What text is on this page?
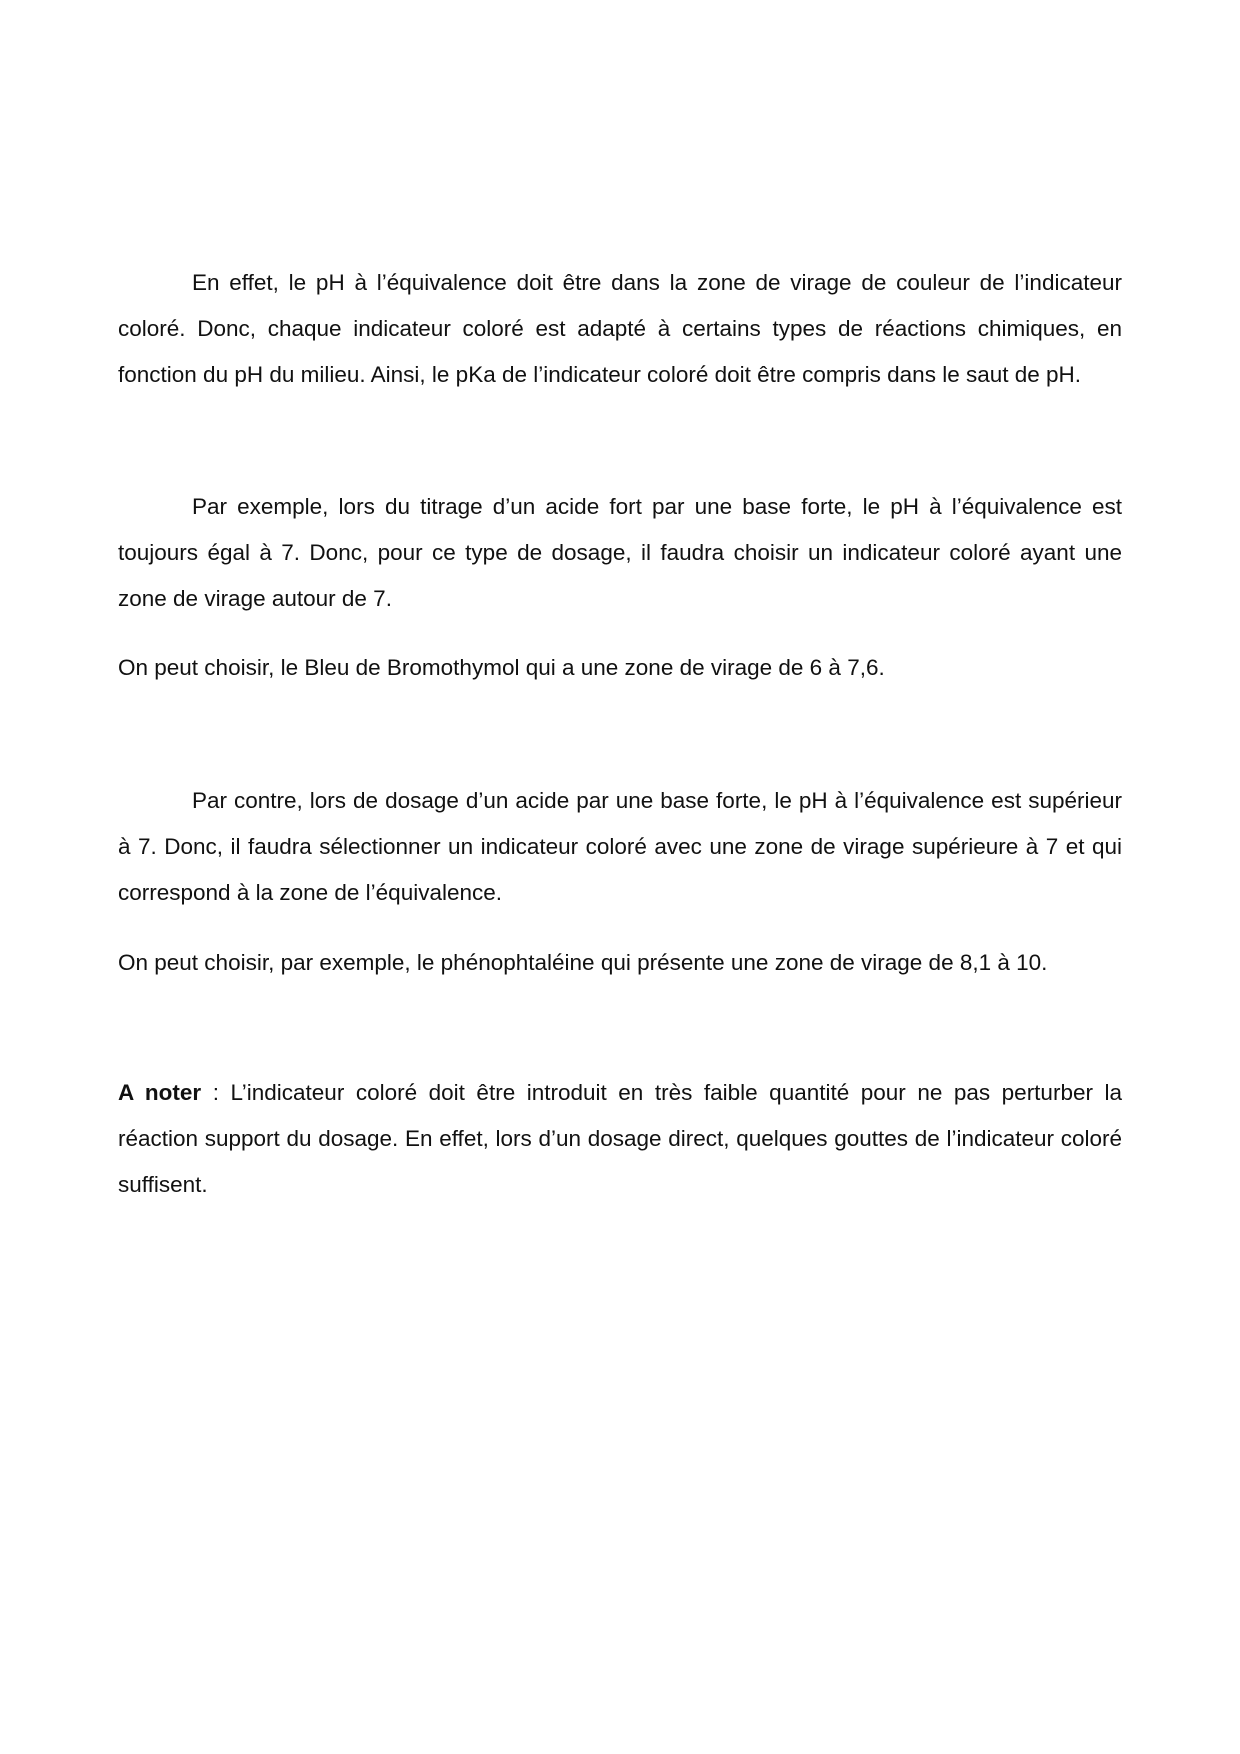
En effet, le pH à l’équivalence doit être dans la zone de virage de couleur de l’indicateur coloré. Donc, chaque indicateur coloré est adapté à certains types de réactions chimiques, en fonction du pH du milieu. Ainsi, le pKa de l’indicateur coloré doit être compris dans le saut de pH.

Par exemple, lors du titrage d’un acide fort par une base forte, le pH à l’équivalence est toujours égal à 7. Donc, pour ce type de dosage, il faudra choisir un indicateur coloré ayant une zone de virage autour de 7.

On peut choisir, le Bleu de Bromothymol qui a une zone de virage de 6 à 7,6.

Par contre, lors de dosage d’un acide par une base forte, le pH à l’équivalence est supérieur à 7. Donc, il faudra sélectionner un indicateur coloré avec une zone de virage supérieure à 7 et qui correspond à la zone de l’équivalence.

On peut choisir, par exemple, le phénophtaléine qui présente une zone de virage de 8,1 à 10.

A noter : L’indicateur coloré doit être introduit en très faible quantité pour ne pas perturber la réaction support du dosage. En effet, lors d’un dosage direct, quelques gouttes de l’indicateur coloré suffisent.
